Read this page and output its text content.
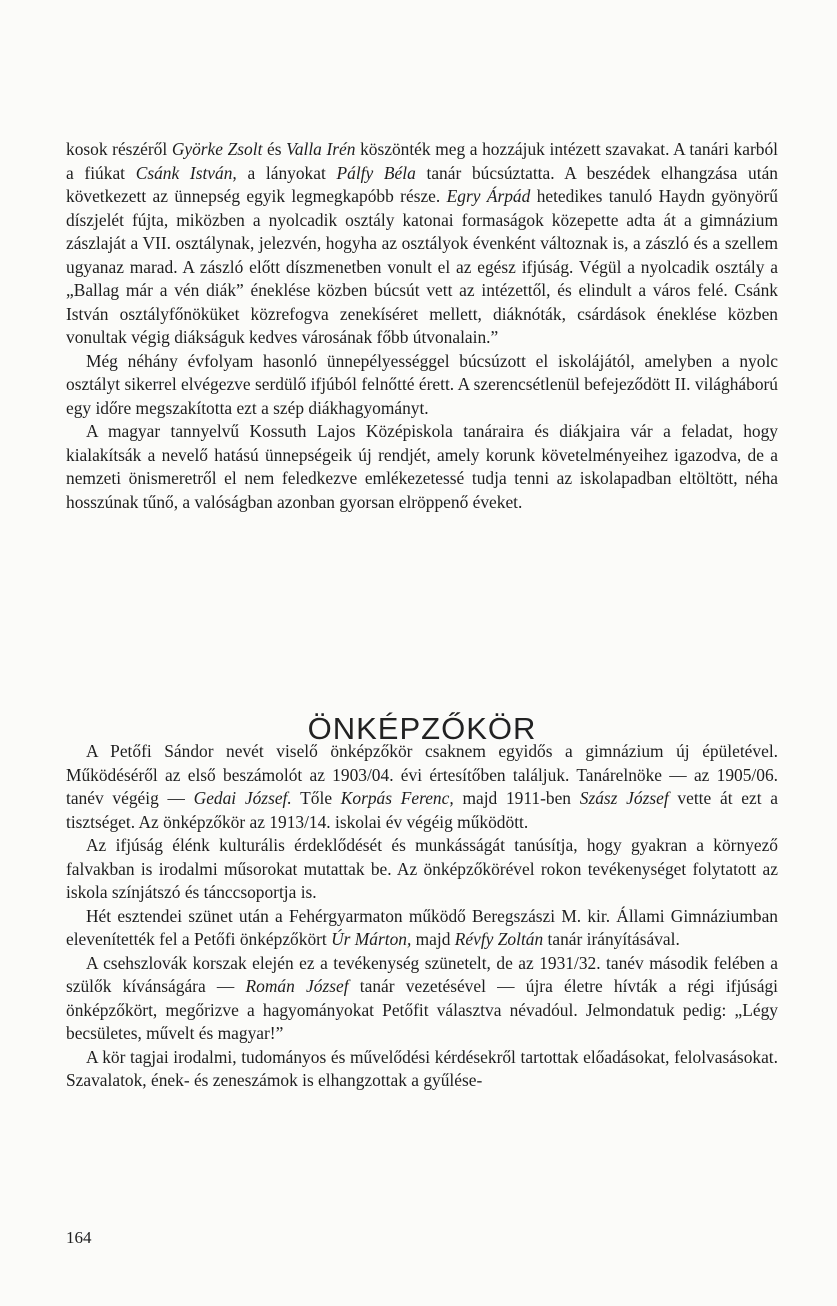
kosok részéről Györke Zsolt és Valla Irén köszönték meg a hozzájuk intézett szavakat. A tanári karból a fiúkat Csánk István, a lányokat Pálfy Béla tanár búcsúztatta. A beszédek elhangzása után következett az ünnepség egyik legmegkapóbb része. Egry Árpád hetedikes tanuló Haydn gyönyörű díszjelét fújta, miközben a nyolcadik osztály katonai formaságok közepette adta át a gimnázium zászlaját a VII. osztálynak, jelezvén, hogyha az osztályok évenként változnak is, a zászló és a szellem ugyanaz marad. A zászló előtt díszmenetben vonult el az egész ifjúság. Végül a nyolcadik osztály a „Ballag már a vén diák” éneklése közben búcsút vett az intézettől, és elindult a város felé. Csánk István osztályfőnöküket közrefogva zenekíséret mellett, diáknóták, csárdások éneklése közben vonultak végig diákságuk kedves városának főbb útvonalain.”

Még néhány évfolyam hasonló ünnepélyességgel búcsúzott el iskolájától, amelyben a nyolc osztályt sikerrel elvégezve serdülő ifjúból felnőtté érett. A szerencsétlenül befejeződött II. világháború egy időre megszakította ezt a szép diákhagyományt.

A magyar tannyelvű Kossuth Lajos Középiskola tanáraira és diákjaira vár a feladat, hogy kialakítsák a nevelő hatású ünnepségeik új rendjét, amely korunk követelményeihez igazodva, de a nemzeti önismeretről el nem feledkezve emlékezetessé tudja tenni az iskolapadban eltöltött, néha hosszúnak tűnő, a valóságban azonban gyorsan elröppenő éveket.

ÖNKÉPZŐKÖR

A Petőfi Sándor nevét viselő önképzőkör csaknem egyidős a gimnázium új épületével. Működéséről az első beszámolót az 1903/04. évi értesítőben találjuk. Tanárelnöke — az 1905/06. tanév végéig — Gedai József. Tőle Korpás Ferenc, majd 1911-ben Szász József vette át ezt a tisztséget. Az önképzőkör az 1913/14. iskolai év végéig működött.

Az ifjúság élénk kulturális érdeklődését és munkásságát tanúsítja, hogy gyakran a környező falvakban is irodalmi műsorokat mutattak be. Az önképzőkörével rokon tevékenységet folytatott az iskola színjátszó és tánccsoportja is.

Hét esztendei szünet után a Fehérgyarmaton működő Beregszászi M. kir. Állami Gimnáziumban elevenítették fel a Petőfi önképzőkört Úr Márton, majd Révfy Zoltán tanár irányításával.

A csehszlovák korszak elején ez a tevékenység szünetelt, de az 1931/32. tanév második felében a szülők kívánságára — Román József tanár vezetésével — újra életre hívták a régi ifjúsági önképzőkört, megőrizve a hagyományokat Petőfit választva névadóul. Jelmondatuk pedig: „Légy becsületes, művelt és magyar!”

A kör tagjai irodalmi, tudományos és művelődési kérdésekről tartottak előadásokat, felolvasásokat. Szavalatok, ének- és zeneszámok is elhangzottak a gyűlése-

164
